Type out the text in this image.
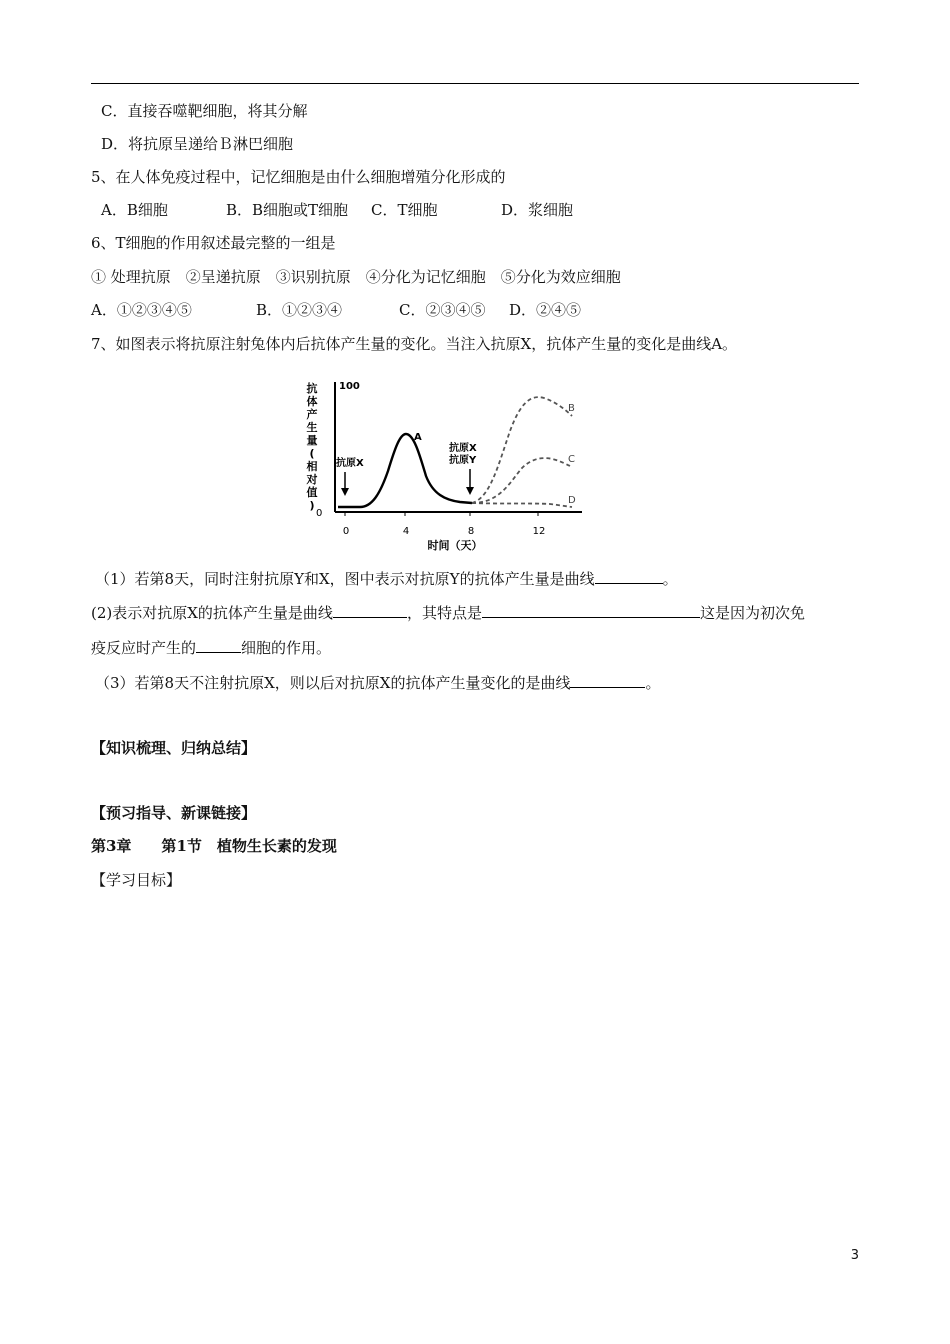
C．直接吞噬靶细胞，将其分解
D．将抗原呈递给Ｂ淋巴细胞
5、在人体免疫过程中，记忆细胞是由什么细胞增殖分化形成的
A．B细胞	B．B细胞或T细胞 C．T细胞	D．浆细胞
6、T细胞的作用叙述最完整的一组是
① 处理抗原　②呈递抗原　③识别抗原　④分化为记忆细胞　⑤分化为效应细胞
A．①②③④⑤	B．①②③④	C．②③④⑤ D．②④⑤
7、如图表示将抗原注射兔体内后抗体产生量的变化。当注入抗原X，抗体产生量的变化是曲线A。
抗
体
产
生
量
(
相
对
值
)
100
0
0	4	8	12
时间（天）
A
B
C
D
抗原X
抗原X
抗原Y
（1）若第8天，同时注射抗原Y和X，图中表示对抗原Y的抗体产生量是曲线	。
(2)表示对抗原X的抗体产生量是曲线	，其特点是	这是因为初次免
疫反应时产生的	细胞的作用。
（3）若第8天不注射抗原X，则以后对抗原X的抗体产生量变化的是曲线	。
【知识梳理、归纳总结】
【预习指导、新课链接】
第3章　　第1节　植物生长素的发现
【学习目标】
3
